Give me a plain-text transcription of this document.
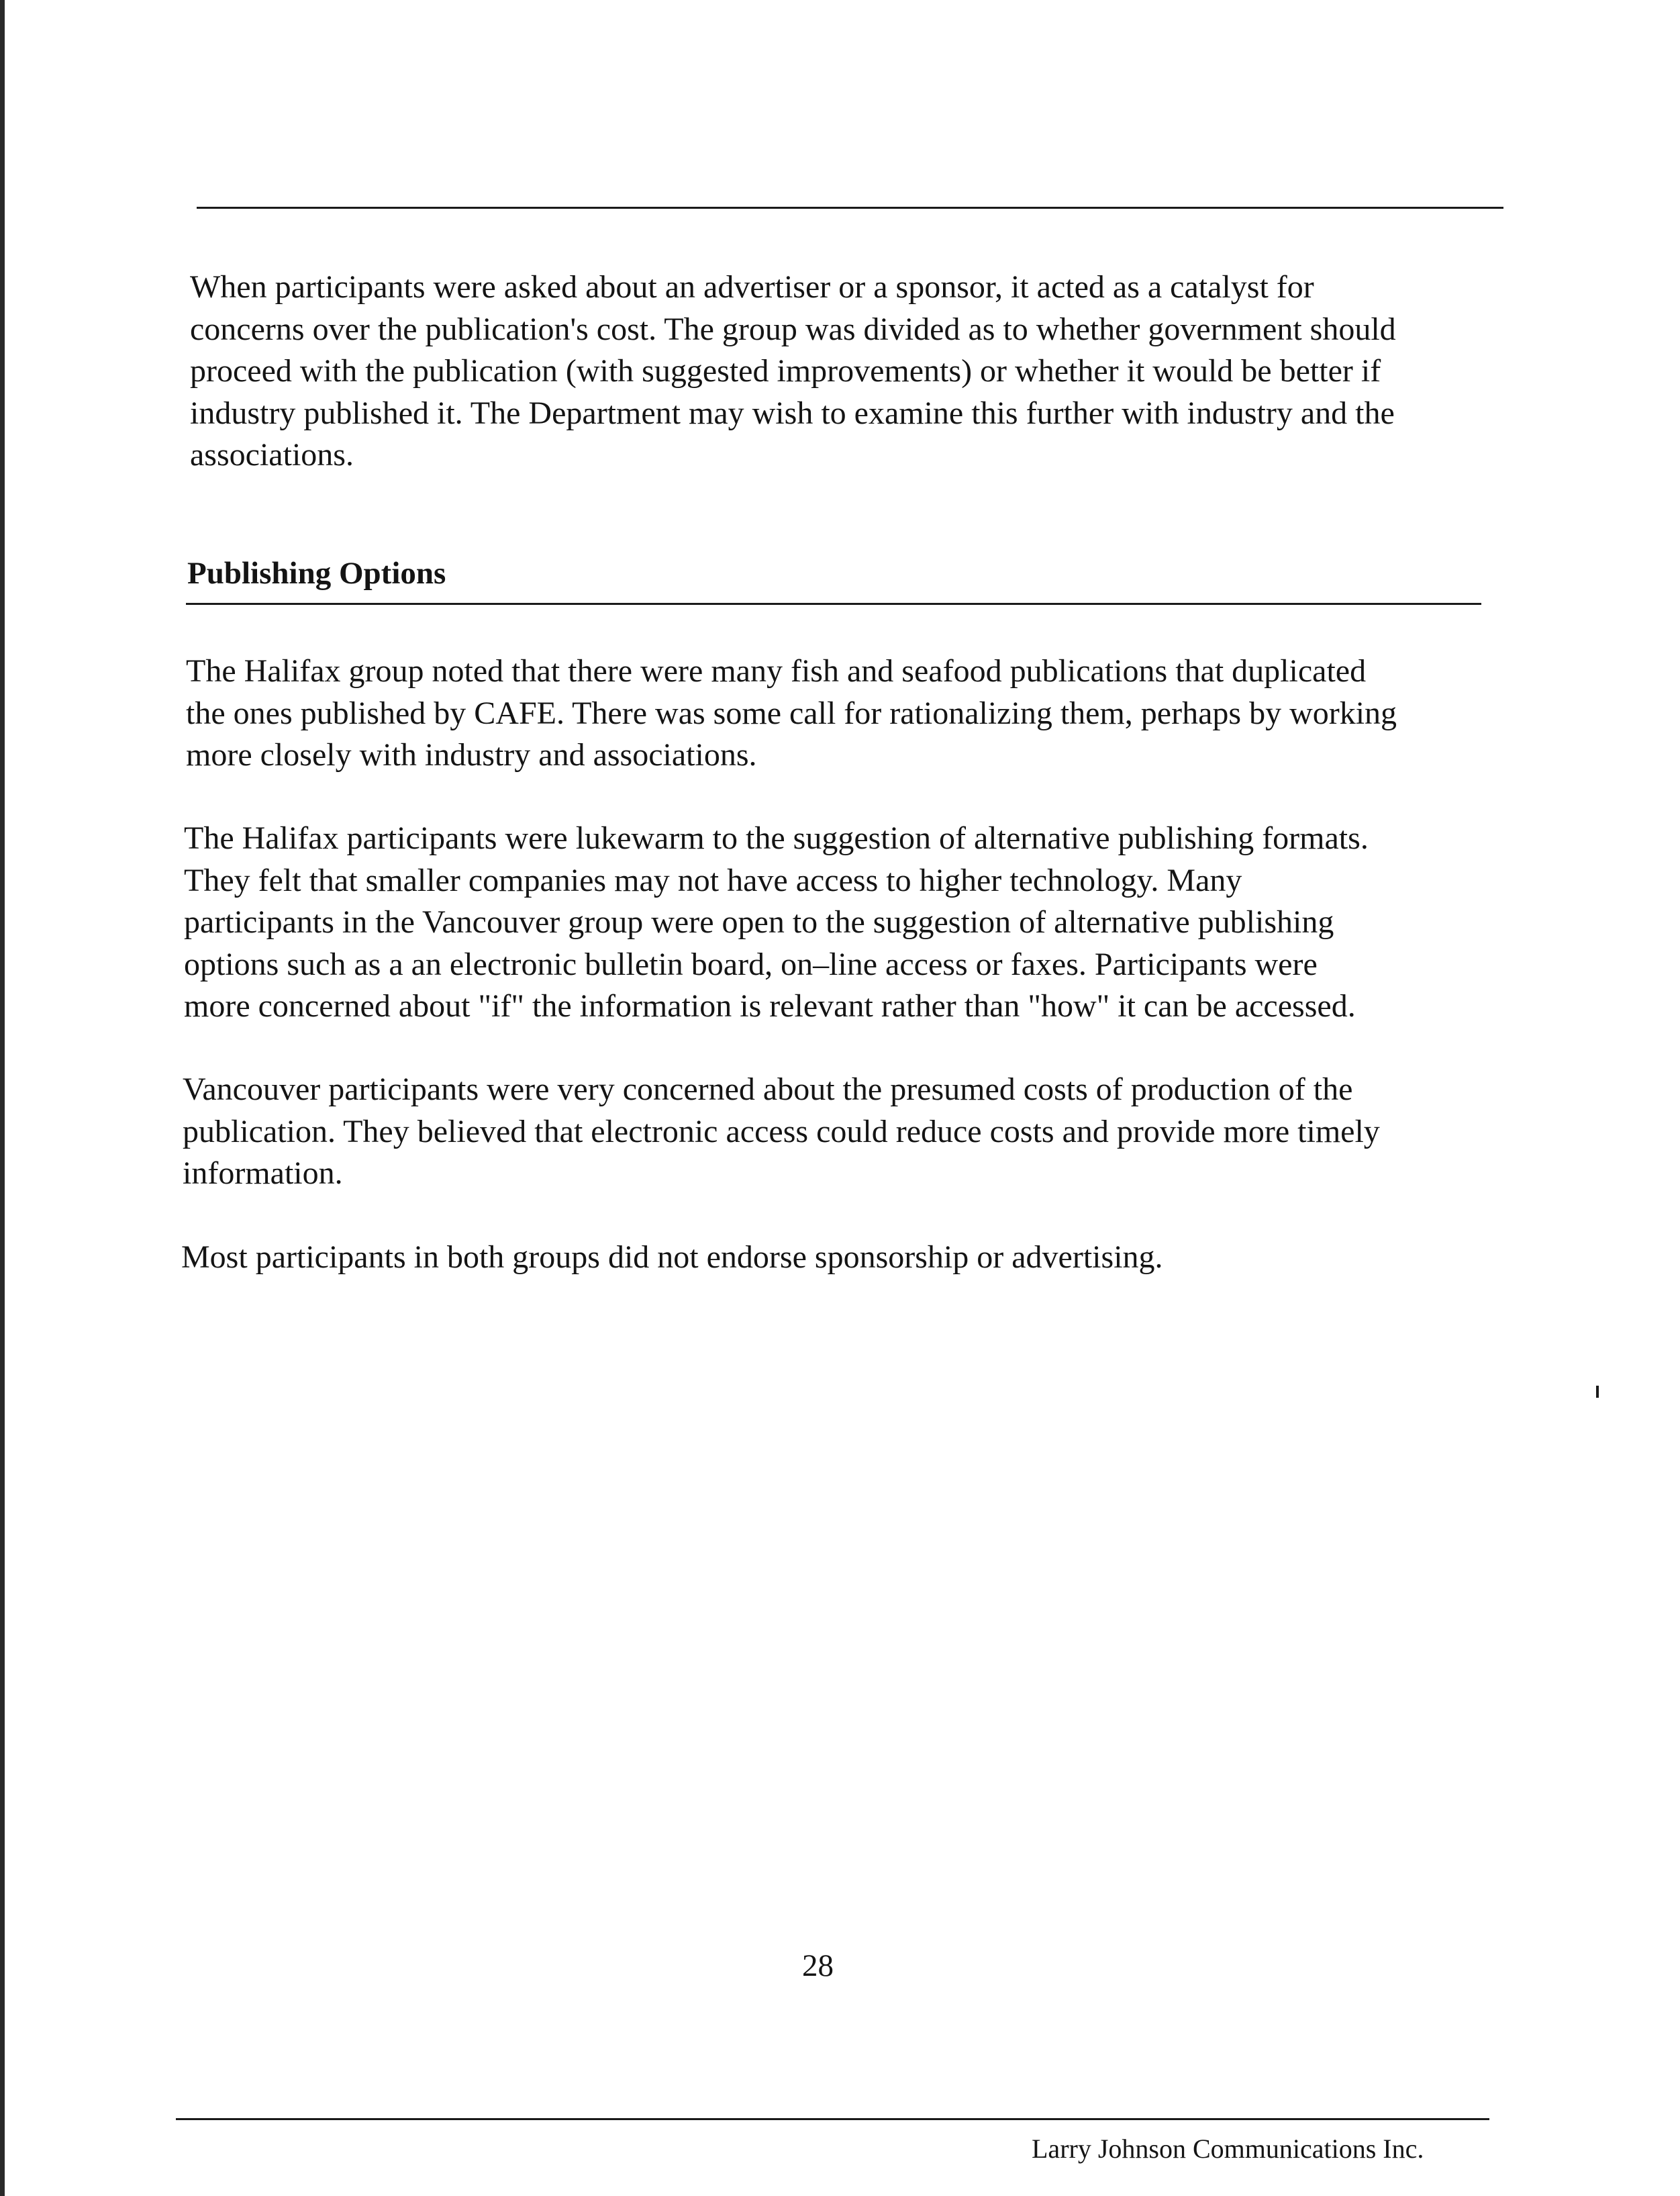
When participants were asked about an advertiser or a sponsor, it acted as a catalyst for
concerns over the publication's cost. The group was divided as to whether government should
proceed with the publication (with suggested improvements) or whether it would be better if
industry published it. The Department may wish to examine this further with industry and the
associations.

Publishing Options

The Halifax group noted that there were many fish and seafood publications that duplicated
the ones published by CAFE. There was some call for rationalizing them, perhaps by working
more closely with industry and associations.

The Halifax participants were lukewarm to the suggestion of alternative publishing formats.
They felt that smaller companies may not have access to higher technology. Many
participants in the Vancouver group were open to the suggestion of alternative publishing
options such as a an electronic bulletin board, on–line access or faxes. Participants were
more concerned about "if" the information is relevant rather than "how" it can be accessed.

Vancouver participants were very concerned about the presumed costs of production of the
publication. They believed that electronic access could reduce costs and provide more timely
information.

Most participants in both groups did not endorse sponsorship or advertising.

28

Larry Johnson Communications Inc.
